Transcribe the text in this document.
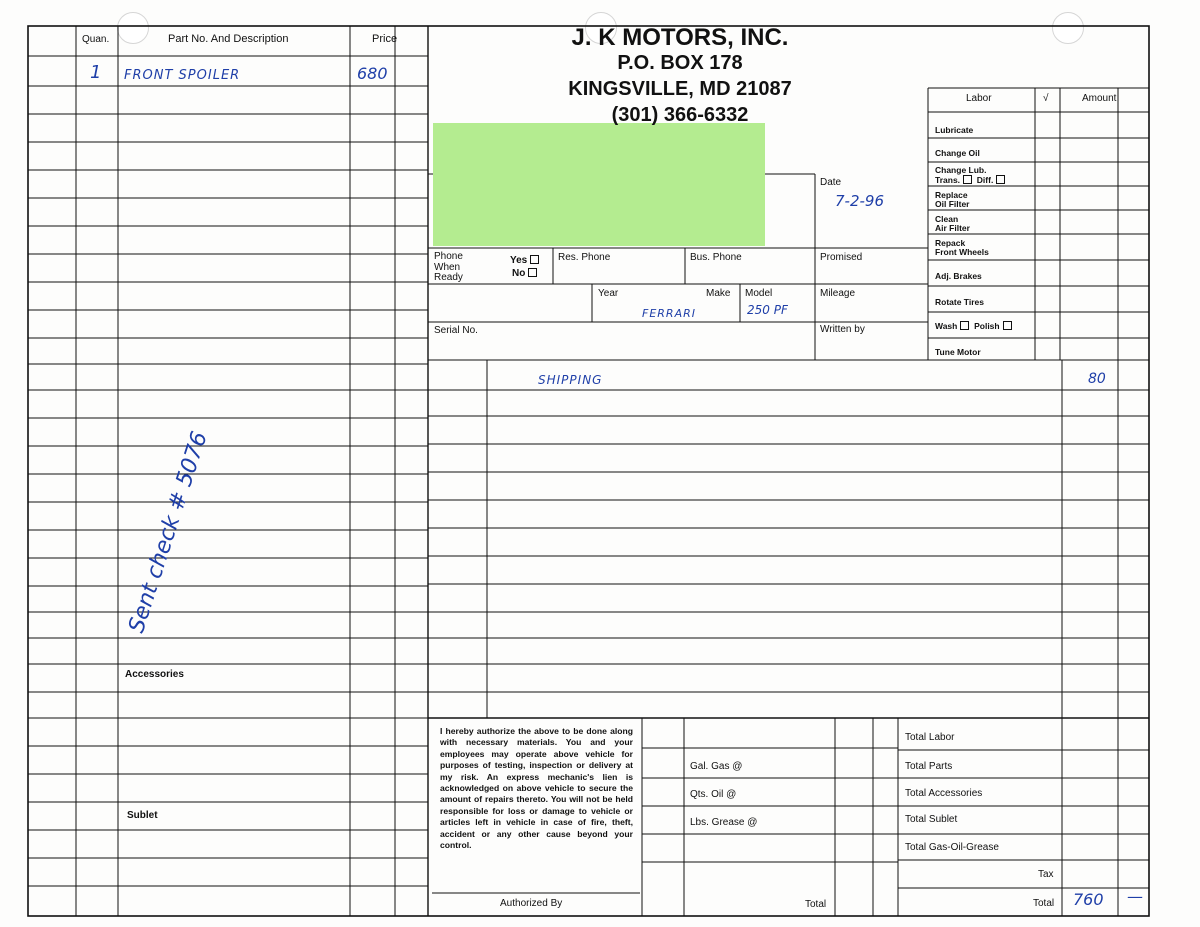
J. K MOTORS, INC.
P.O. BOX 178
KINGSVILLE, MD 21087
(301) 366-6332
Quan.	Part No. And Description	Price
1 FRONT SPOILER	680
Accessories
Sublet
Sent check # 5076
Date
7-2-96
Phone When Ready
Yes
No
Res. Phone	Bus. Phone	Promised
Year	Make Model	Mileage
FERRARI	250 PF
Serial No.	Written by
Labor	√	Amount
Lubricate
Change Oil
Change Lub.
Trans. Diff.
Replace
Oil Filter
Clean
Air Filter
Repack
Front Wheels
Adj. Brakes
Rotate Tires
Wash Polish
Tune Motor
SHIPPING	80
I hereby authorize the above to be done along with necessary materials. You and your employees may operate above vehicle for purposes of testing, inspection or delivery at my risk. An express mechanic's lien is acknowledged on above vehicle to secure the amount of repairs thereto. You will not be held responsible for loss or damage to vehicle or articles left in vehicle in case of fire, theft, accident or any other cause beyond your control.
Authorized By
Gal. Gas @
Qts. Oil @
Lbs. Grease @
Total
Total Labor
Total Parts
Total Accessories
Total Sublet
Total Gas-Oil-Grease
Tax
Total 760 —
